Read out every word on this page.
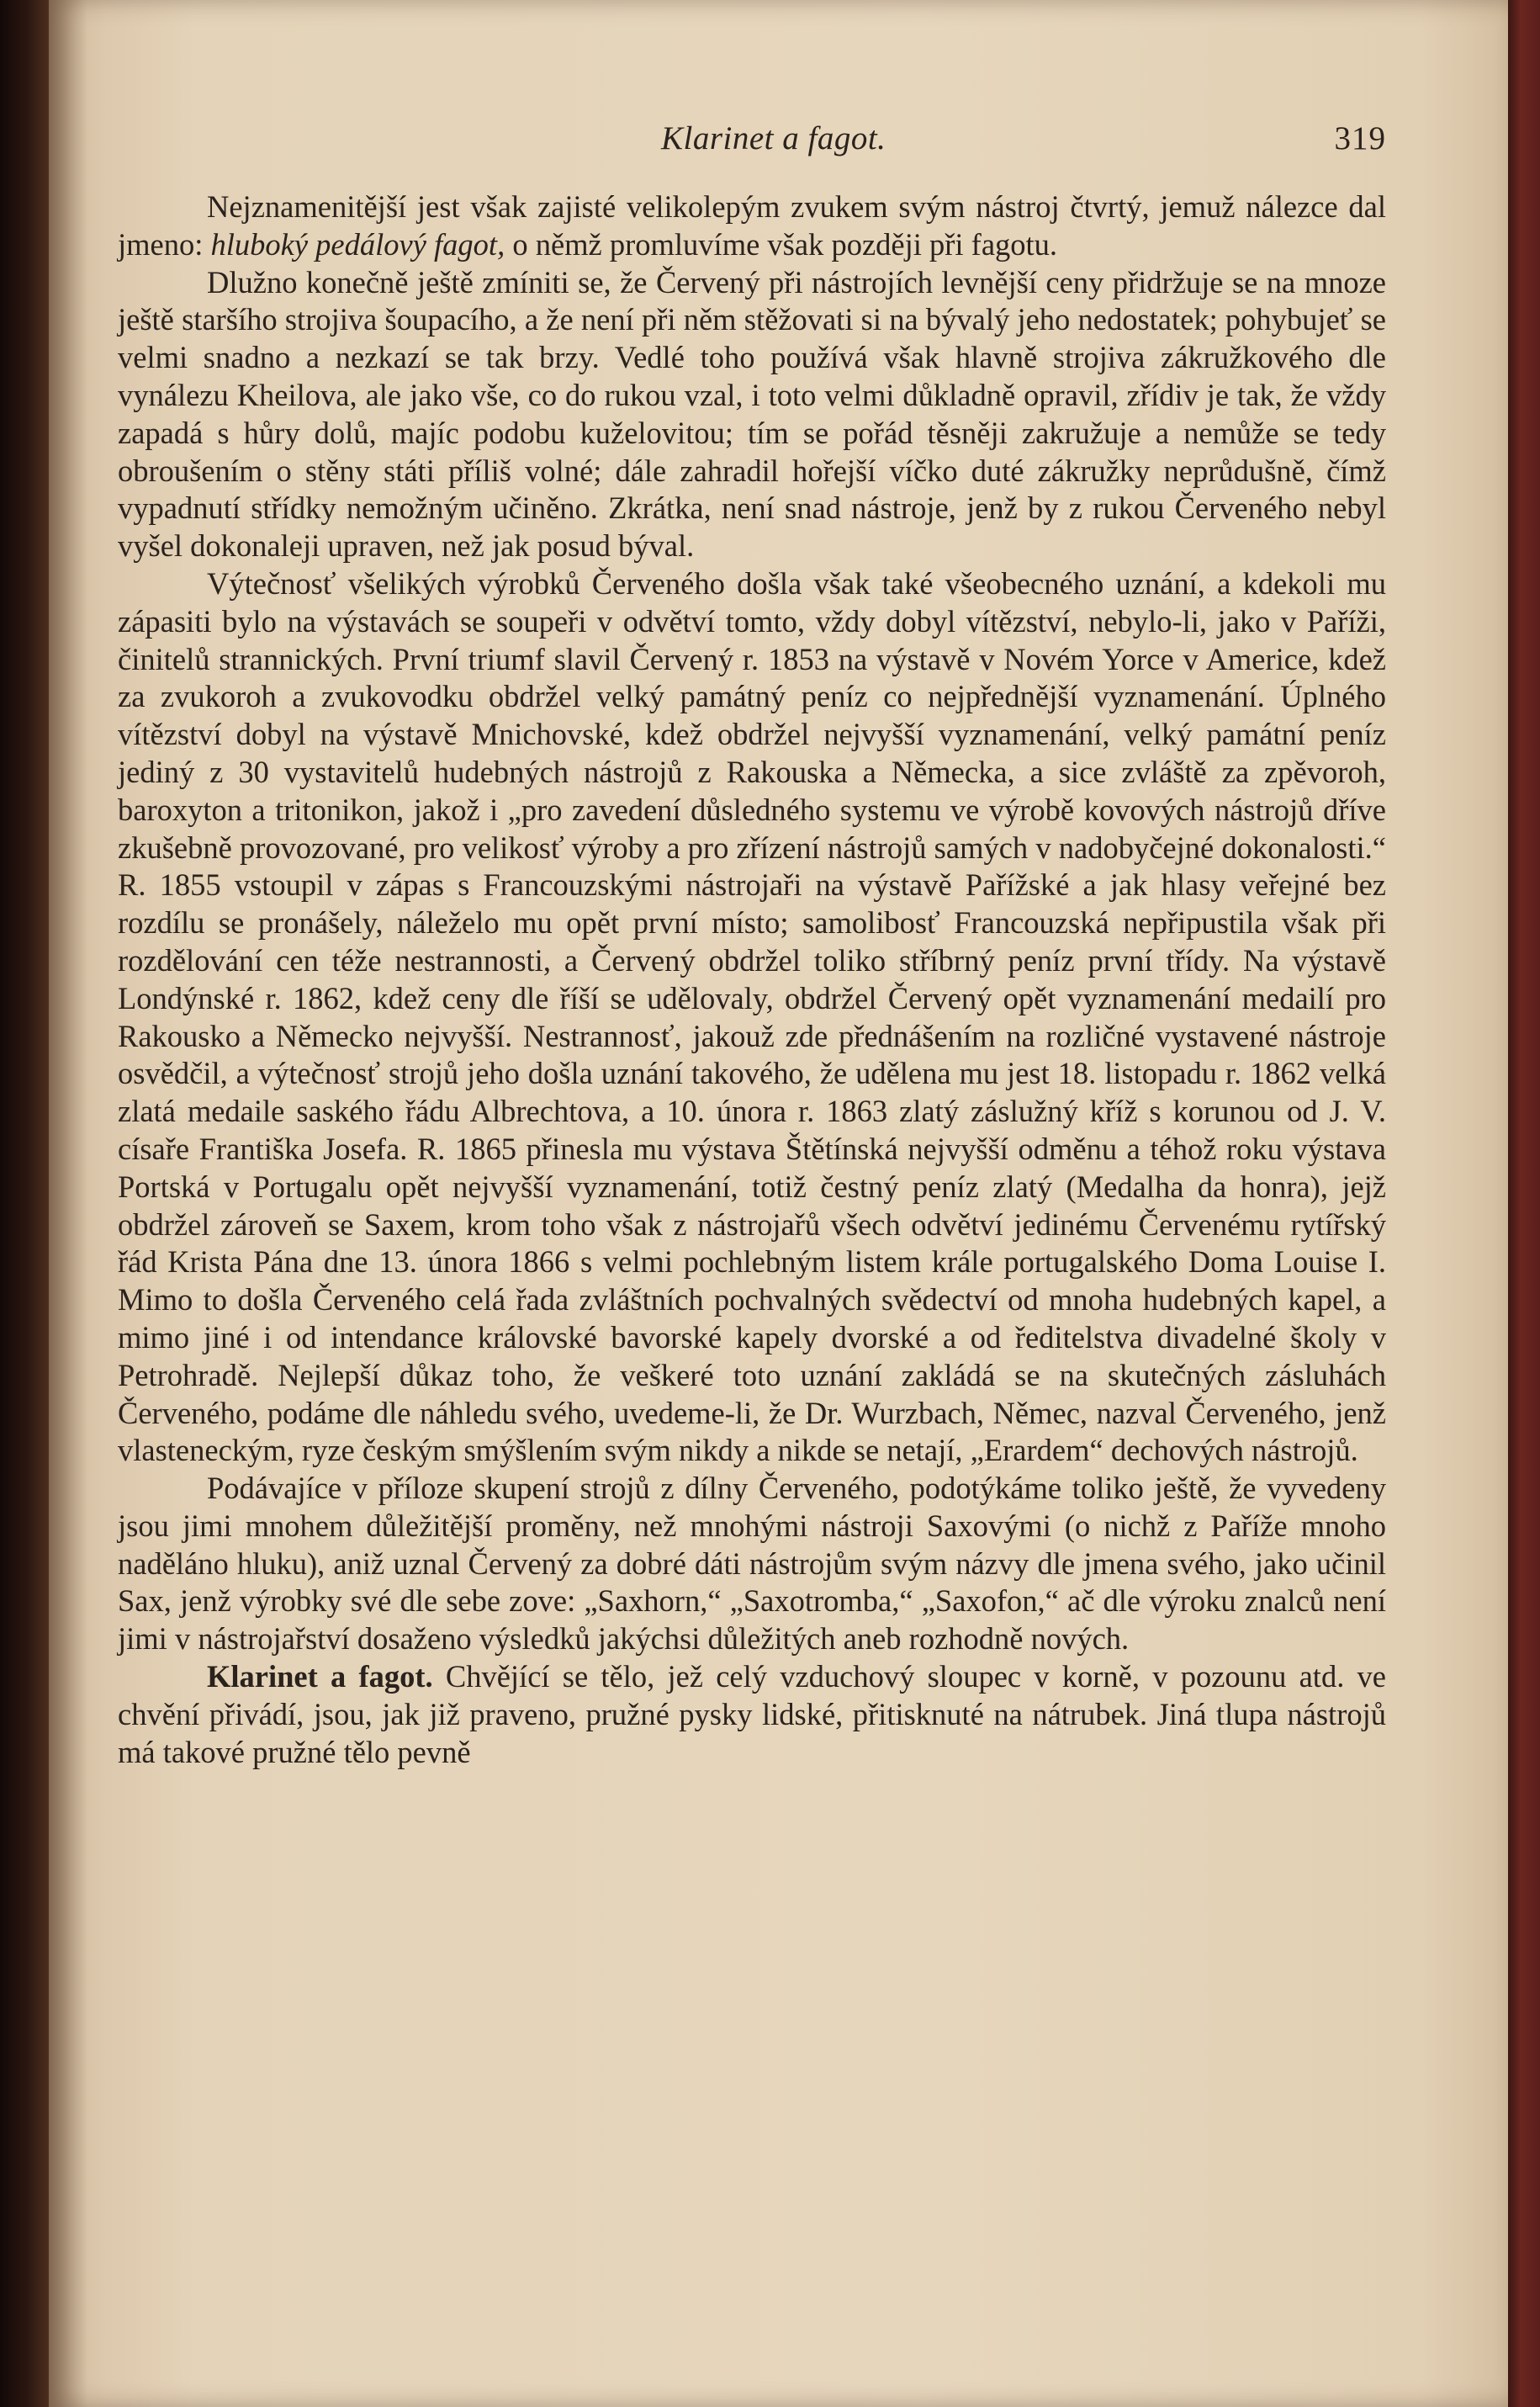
Klarinet a fagot.	319

Nejznamenitější jest však zajisté velikolepým zvukem svým nástroj čtvrtý, jemuž nálezce dal jmeno: hluboký pedálový fagot, o němž promluvíme však později při fagotu.

Dlužno konečně ještě zmíniti se, že Červený při nástrojích levnější ceny přidržuje se na mnoze ještě staršího strojiva šoupacího, a že není při něm stěžovati si na bývalý jeho nedostatek; pohybujeť se velmi snadno a nezkazí se tak brzy. Vedlé toho používá však hlavně strojiva zákružkového dle vynálezu Kheilova, ale jako vše, co do rukou vzal, i toto velmi důkladně opravil, zřídiv je tak, že vždy zapadá s hůry dolů, majíc podobu kuželovitou; tím se pořád těsněji zakružuje a nemůže se tedy obroušením o stěny státi příliš volné; dále zahradil hořejší víčko duté zákružky neprůdušně, čímž vypadnutí střídky nemožným učiněno. Zkrátka, není snad nástroje, jenž by z rukou Červeného nebyl vyšel dokonaleji upraven, než jak posud býval.

Výtečnosť všelikých výrobků Červeného došla však také všeobecného uznání, a kdekoli mu zápasiti bylo na výstavách se soupeři v odvětví tomto, vždy dobyl vítězství, nebylo-li, jako v Paříži, činitelů strannických. První triumf slavil Červený r. 1853 na výstavě v Novém Yorce v Americe, kdež za zvukoroh a zvukovodku obdržel velký památný peníz co nejpřednější vyznamenání. Úplného vítězství dobyl na výstavě Mnichovské, kdež obdržel nejvyšší vyznamenání, velký památní peníz jediný z 30 vystavitelů hudebných nástrojů z Rakouska a Německa, a sice zvláště za zpěvoroh, baroxyton a tritonikon, jakož i „pro zavedení důsledného systemu ve výrobě kovových nástrojů dříve zkušebně provozované, pro velikosť výroby a pro zřízení nástrojů samých v nadobyčejné dokonalosti.“ R. 1855 vstoupil v zápas s Francouzskými nástrojaři na výstavě Pařížské a jak hlasy veřejné bez rozdílu se pronášely, náleželo mu opět první místo; samolibosť Francouzská nepřipustila však při rozdělování cen téže nestrannosti, a Červený obdržel toliko stříbrný peníz první třídy. Na výstavě Londýnské r. 1862, kdež ceny dle říší se udělovaly, obdržel Červený opět vyznamenání medailí pro Rakousko a Německo nejvyšší. Nestrannosť, jakouž zde přednášením na rozličné vystavené nástroje osvědčil, a výtečnosť strojů jeho došla uznání takového, že udělena mu jest 18. listopadu r. 1862 velká zlatá medaile saského řádu Albrechtova, a 10. února r. 1863 zlatý záslužný kříž s korunou od J. V. císaře Františka Josefa. R. 1865 přinesla mu výstava Štětínská nejvyšší odměnu a téhož roku výstava Portská v Portugalu opět nejvyšší vyznamenání, totiž čestný peníz zlatý (Medalha da honra), jejž obdržel zároveň se Saxem, krom toho však z nástrojařů všech odvětví jedinému Červenému rytířský řád Krista Pána dne 13. února 1866 s velmi pochlebným listem krále portugalského Doma Louise I. Mimo to došla Červeného celá řada zvláštních pochvalných svědectví od mnoha hudebných kapel, a mimo jiné i od intendance královské bavorské kapely dvorské a od ředitelstva divadelné školy v Petrohradě. Nejlepší důkaz toho, že veškeré toto uznání zakládá se na skutečných zásluhách Červeného, podáme dle náhledu svého, uvedeme-li, že Dr. Wurzbach, Němec, nazval Červeného, jenž vlasteneckým, ryze českým smýšlením svým nikdy a nikde se netají, „Erardem“ dechových nástrojů.

Podávajíce v příloze skupení strojů z dílny Červeného, podotýkáme toliko ještě, že vyvedeny jsou jimi mnohem důležitější proměny, než mnohými nástroji Saxovými (o nichž z Paříže mnoho naděláno hluku), aniž uznal Červený za dobré dáti nástrojům svým názvy dle jmena svého, jako učinil Sax, jenž výrobky své dle sebe zove: „Saxhorn,“ „Saxotromba,“ „Saxofon,“ ač dle výroku znalců není jimi v nástrojařství dosaženo výsledků jakýchsi důležitých aneb rozhodně nových.

Klarinet a fagot. Chvějící se tělo, jež celý vzduchový sloupec v korně, v pozounu atd. ve chvění přivádí, jsou, jak již praveno, pružné pysky lidské, přitisknuté na nátrubek. Jiná tlupa nástrojů má takové pružné tělo pevně
